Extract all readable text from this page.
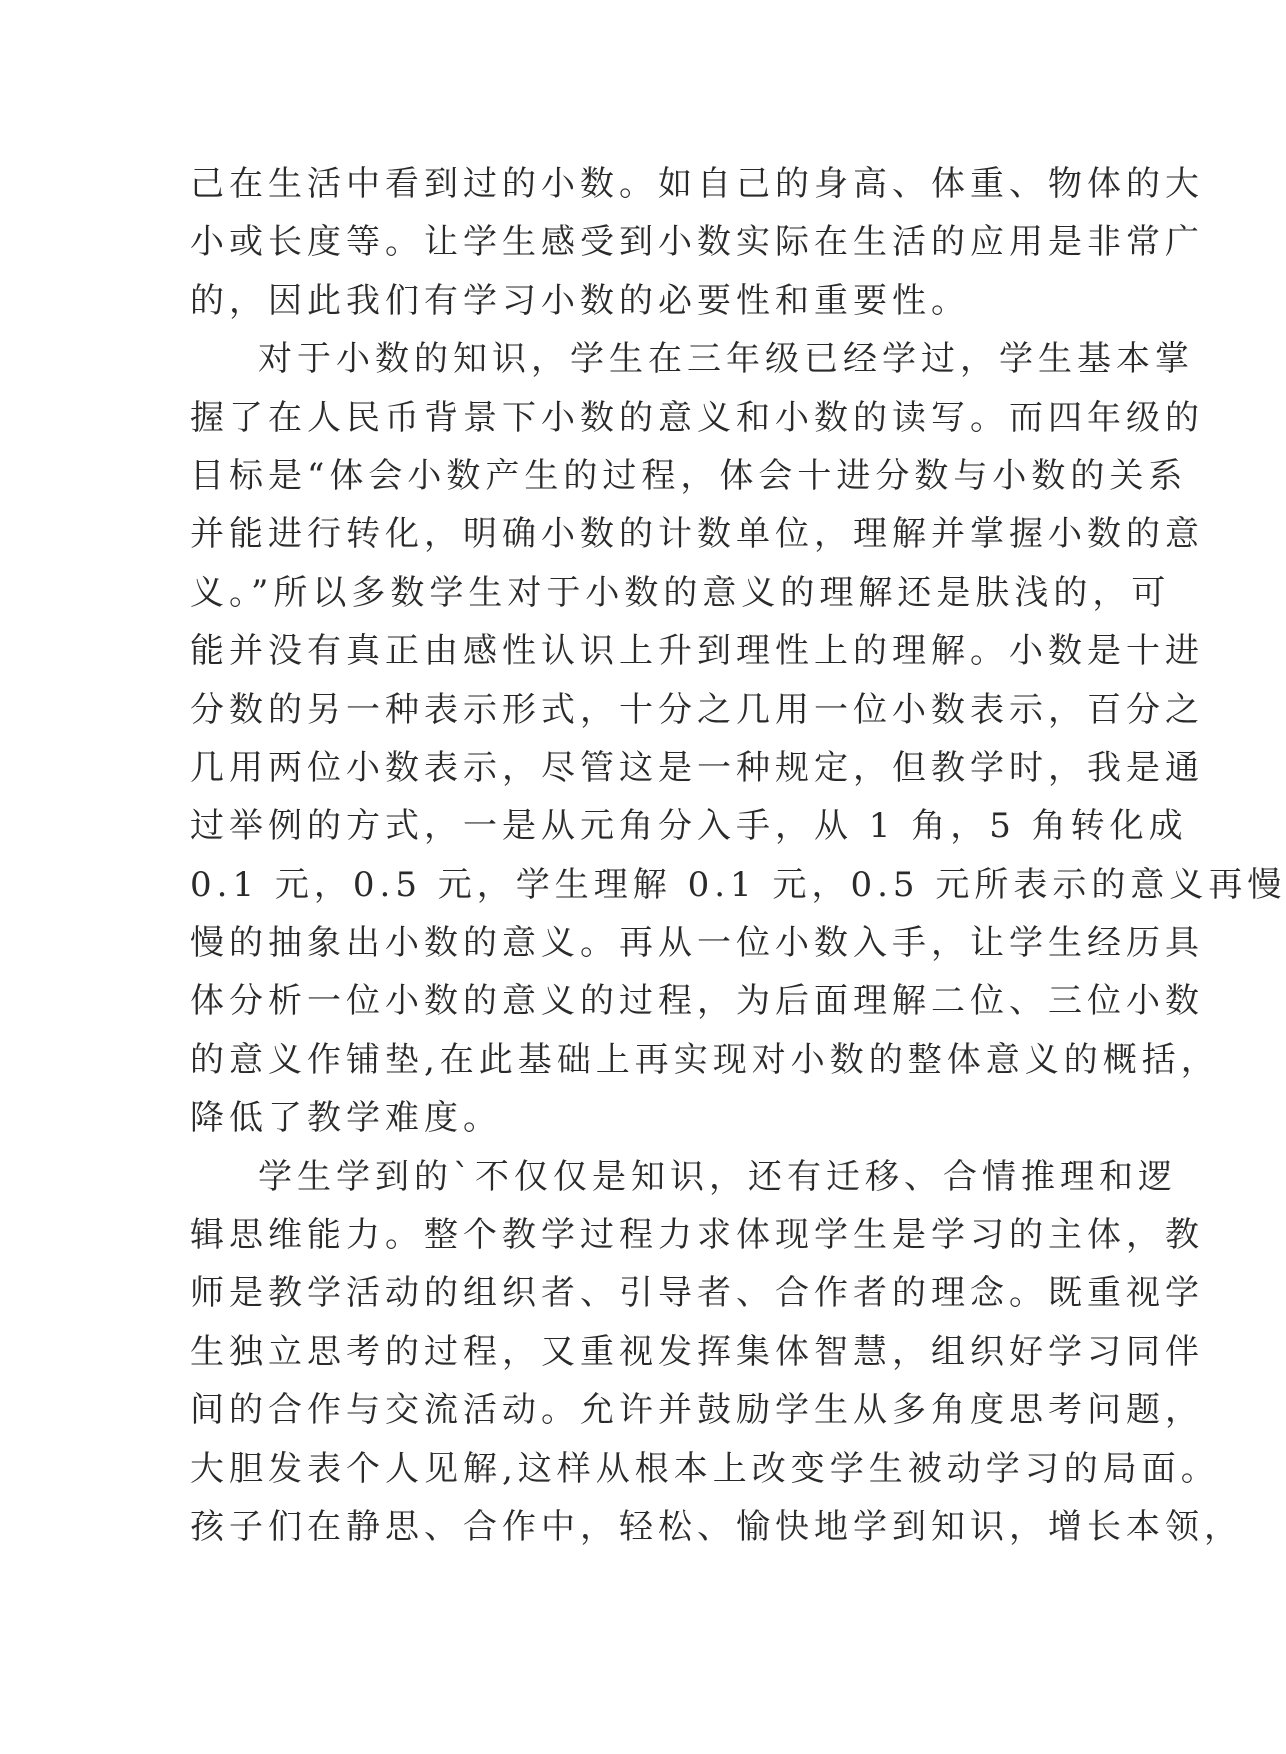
己在生活中看到过的小数。如自己的身高、体重、物体的大
小或长度等。让学生感受到小数实际在生活的应用是非常广
的，因此我们有学习小数的必要性和重要性。
对于小数的知识，学生在三年级已经学过，学生基本掌
握了在人民币背景下小数的意义和小数的读写。而四年级的
目标是“体会小数产生的过程，体会十进分数与小数的关系
并能进行转化，明确小数的计数单位，理解并掌握小数的意
义。”所以多数学生对于小数的意义的理解还是肤浅的，可
能并没有真正由感性认识上升到理性上的理解。小数是十进
分数的另一种表示形式，十分之几用一位小数表示，百分之
几用两位小数表示，尽管这是一种规定，但教学时，我是通
过举例的方式，一是从元角分入手，从 1 角，5 角转化成
0.1 元，0.5 元，学生理解 0.1 元，0.5 元所表示的意义再慢
慢的抽象出小数的意义。再从一位小数入手，让学生经历具
体分析一位小数的意义的过程，为后面理解二位、三位小数
的意义作铺垫,在此基础上再实现对小数的整体意义的概括，
降低了教学难度。
学生学到的`不仅仅是知识，还有迁移、合情推理和逻
辑思维能力。整个教学过程力求体现学生是学习的主体，教
师是教学活动的组织者、引导者、合作者的理念。既重视学
生独立思考的过程，又重视发挥集体智慧，组织好学习同伴
间的合作与交流活动。允许并鼓励学生从多角度思考问题，
大胆发表个人见解,这样从根本上改变学生被动学习的局面。
孩子们在静思、合作中，轻松、愉快地学到知识，增长本领，
